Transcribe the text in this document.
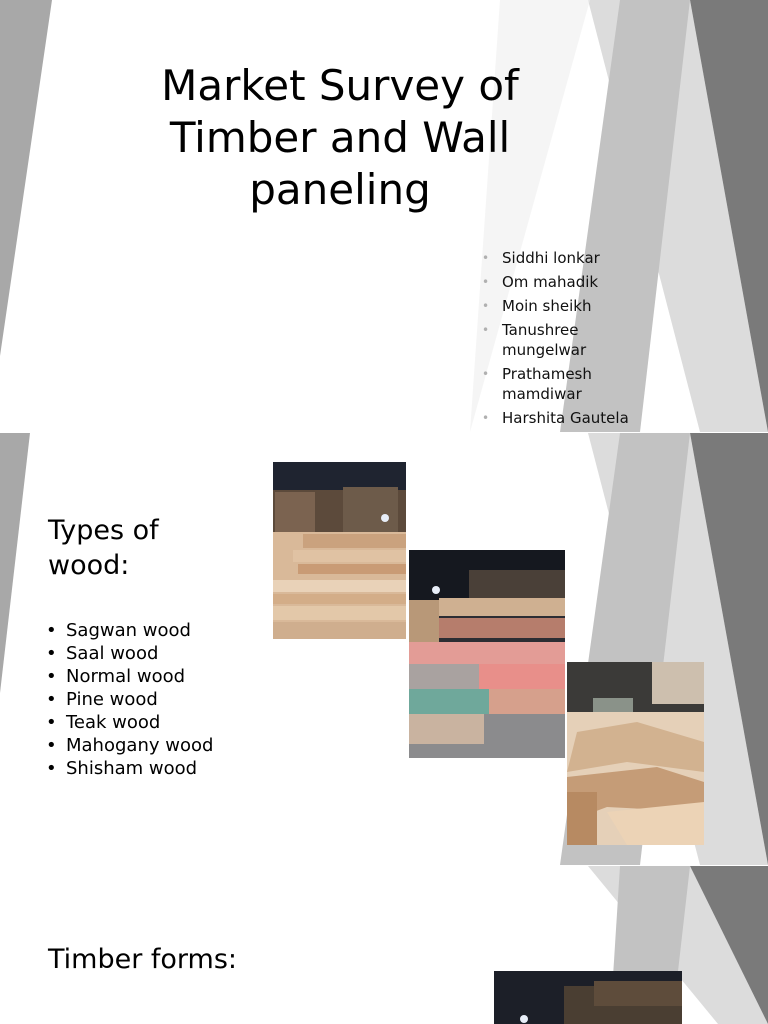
Market Survey of
Timber and Wall
paneling
• Siddhi lonkar
• Om mahadik
• Moin sheikh
• Tanushree mungelwar
• Prathamesh mamdiwar
• Harshita Gautela
Types of wood:
• Sagwan wood
• Saal wood
• Normal wood
• Pine wood
• Teak wood
• Mahogany wood
• Shisham wood
Timber forms:
